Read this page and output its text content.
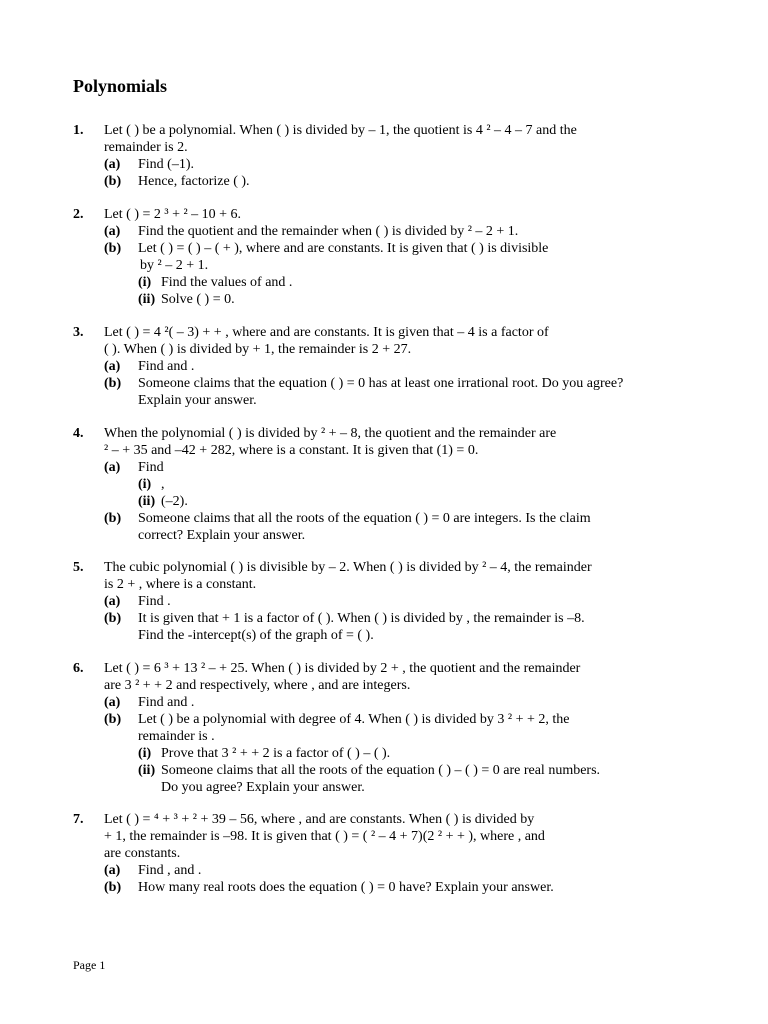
Polynomials
1. Let ( ) be a polynomial. When ( ) is divided by – 1, the quotient is 4 ² – 4 – 7 and the
remainder is 2.
(a) Find (–1).
(b) Hence, factorize ( ).
2. Let ( ) = 2 ³ + ² – 10 + 6.
(a) Find the quotient and the remainder when ( ) is divided by ² – 2 + 1.
(b) Let ( ) = ( ) – ( + ), where and are constants. It is given that ( ) is divisible
by ² – 2 + 1.
(i) Find the values of and .
(ii) Solve ( ) = 0.
3. Let ( ) = 4 ²( – 3) + + , where and are constants. It is given that – 4 is a factor of
( ). When ( ) is divided by + 1, the remainder is 2 + 27.
(a) Find and .
(b) Someone claims that the equation ( ) = 0 has at least one irrational root. Do you agree?
Explain your answer.
4. When the polynomial ( ) is divided by ² + – 8, the quotient and the remainder are
² – + 35 and –42 + 282, where is a constant. It is given that (1) = 0.
(a) Find
(i) ,
(ii) (–2).
(b) Someone claims that all the roots of the equation ( ) = 0 are integers. Is the claim
correct? Explain your answer.
5. The cubic polynomial ( ) is divisible by – 2. When ( ) is divided by ² – 4, the remainder
is 2 + , where is a constant.
(a) Find .
(b) It is given that + 1 is a factor of ( ). When ( ) is divided by , the remainder is –8.
Find the -intercept(s) of the graph of = ( ).
6. Let ( ) = 6 ³ + 13 ² – + 25. When ( ) is divided by 2 + , the quotient and the remainder
are 3 ² + + 2 and respectively, where , and are integers.
(a) Find and .
(b) Let ( ) be a polynomial with degree of 4. When ( ) is divided by 3 ² + + 2, the
remainder is .
(i) Prove that 3 ² + + 2 is a factor of ( ) – ( ).
(ii) Someone claims that all the roots of the equation ( ) – ( ) = 0 are real numbers.
Do you agree? Explain your answer.
7. Let ( ) = ⁴ + ³ + ² + 39 – 56, where , and are constants. When ( ) is divided by
+ 1, the remainder is –98. It is given that ( ) = ( ² – 4 + 7)(2 ² + + ), where , and
are constants.
(a) Find , and .
(b) How many real roots does the equation ( ) = 0 have? Explain your answer.
Page 1
